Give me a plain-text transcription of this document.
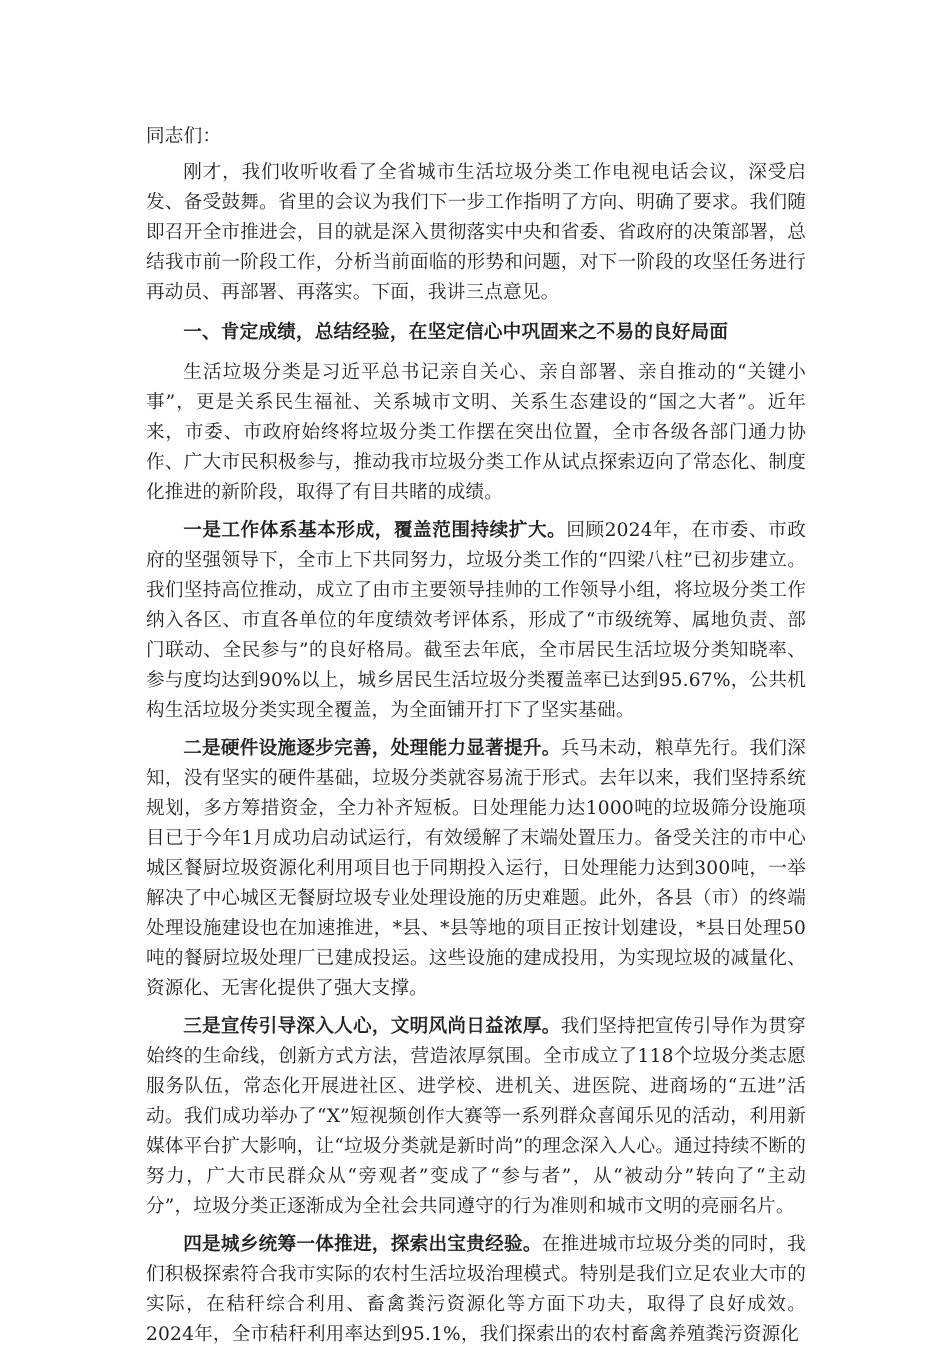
同志们：

刚才，我们收听收看了全省城市生活垃圾分类工作电视电话会议，深受启发、备受鼓舞。省里的会议为我们下一步工作指明了方向、明确了要求。我们随即召开全市推进会，目的就是深入贯彻落实中央和省委、省政府的决策部署，总结我市前一阶段工作，分析当前面临的形势和问题，对下一阶段的攻坚任务进行再动员、再部署、再落实。下面，我讲三点意见。

一、肯定成绩，总结经验，在坚定信心中巩固来之不易的良好局面

生活垃圾分类是习近平总书记亲自关心、亲自部署、亲自推动的“关键小事”，更是关系民生福祉、关系城市文明、关系生态建设的“国之大者”。近年来，市委、市政府始终将垃圾分类工作摆在突出位置，全市各级各部门通力协作、广大市民积极参与，推动我市垃圾分类工作从试点探索迈向了常态化、制度化推进的新阶段，取得了有目共睹的成绩。

一是工作体系基本形成，覆盖范围持续扩大。回顾2024年，在市委、市政府的坚强领导下，全市上下共同努力，垃圾分类工作的“四梁八柱”已初步建立。我们坚持高位推动，成立了由市主要领导挂帅的工作领导小组，将垃圾分类工作纳入各区、市直各单位的年度绩效考评体系，形成了“市级统筹、属地负责、部门联动、全民参与”的良好格局。截至去年底，全市居民生活垃圾分类知晓率、参与度均达到90%以上，城乡居民生活垃圾分类覆盖率已达到95.67%，公共机构生活垃圾分类实现全覆盖，为全面铺开打下了坚实基础。

二是硬件设施逐步完善，处理能力显著提升。兵马未动，粮草先行。我们深知，没有坚实的硬件基础，垃圾分类就容易流于形式。去年以来，我们坚持系统规划，多方筹措资金，全力补齐短板。日处理能力达1000吨的垃圾筛分设施项目已于今年1月成功启动试运行，有效缓解了末端处置压力。备受关注的市中心城区餐厨垃圾资源化利用项目也于同期投入运行，日处理能力达到300吨，一举解决了中心城区无餐厨垃圾专业处理设施的历史难题。此外，各县（市）的终端处理设施建设也在加速推进，*县、*县等地的项目正按计划建设，*县日处理50吨的餐厨垃圾处理厂已建成投运。这些设施的建成投用，为实现垃圾的减量化、资源化、无害化提供了强大支撑。

三是宣传引导深入人心，文明风尚日益浓厚。我们坚持把宣传引导作为贯穿始终的生命线，创新方式方法，营造浓厚氛围。全市成立了118个垃圾分类志愿服务队伍，常态化开展进社区、进学校、进机关、进医院、进商场的“五进”活动。我们成功举办了“X”短视频创作大赛等一系列群众喜闻乐见的活动，利用新媒体平台扩大影响，让“垃圾分类就是新时尚”的理念深入人心。通过持续不断的努力，广大市民群众从“旁观者”变成了“参与者”，从“被动分”转向了“主动分”，垃圾分类正逐渐成为全社会共同遵守的行为准则和城市文明的亮丽名片。

四是城乡统筹一体推进，探索出宝贵经验。在推进城市垃圾分类的同时，我们积极探索符合我市实际的农村生活垃圾治理模式。特别是我们立足农业大市的实际，在秸秆综合利用、畜禽粪污资源化等方面下功夫，取得了良好成效。2024年，全市秸秆利用率达到95.1%，我们探索出的农村畜禽养殖粪污资源化
